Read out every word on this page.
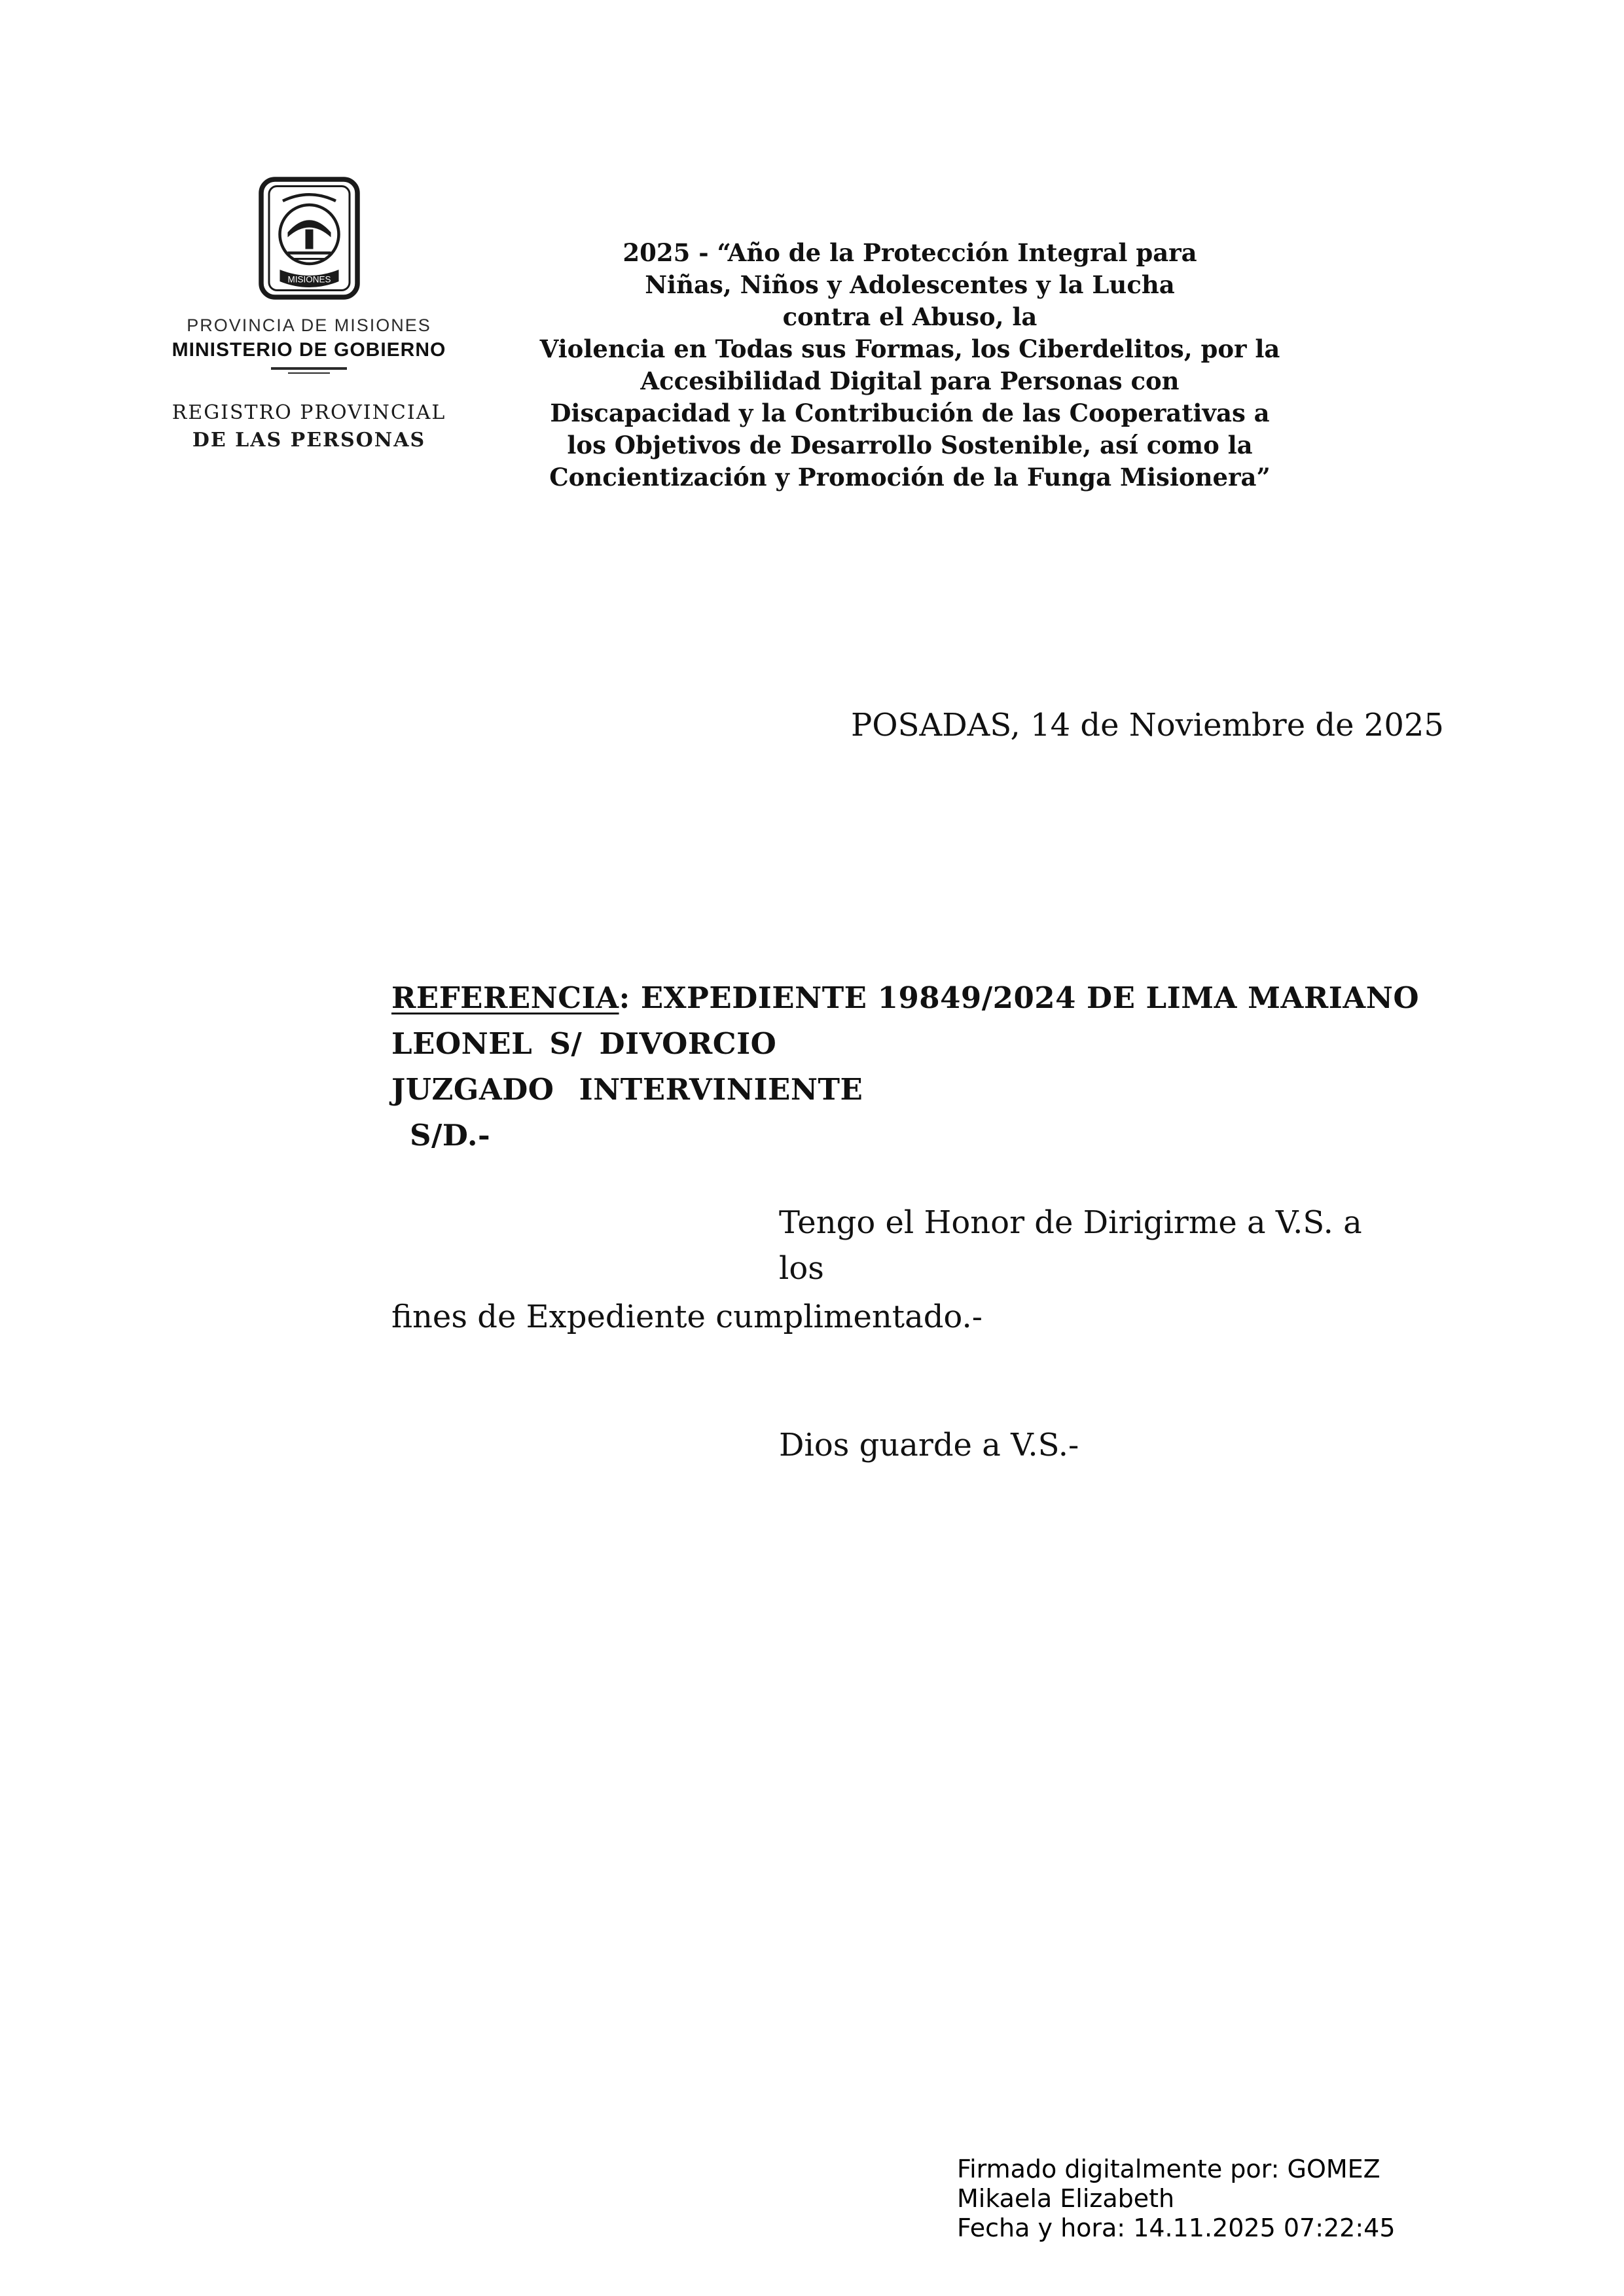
MISIONES
PROVINCIA DE MISIONES
MINISTERIO DE GOBIERNO
REGISTRO PROVINCIAL
DE LAS PERSONAS
2025 - “Año de la Protección Integral para
Niñas, Niños y Adolescentes y la Lucha
contra el Abuso, la
Violencia en Todas sus Formas, los Ciberdelitos, por la
Accesibilidad Digital para Personas con
Discapacidad y la Contribución de las Cooperativas a
los Objetivos de Desarrollo Sostenible, así como la
Concientización y Promoción de la Funga Misionera”
POSADAS, 14 de Noviembre de 2025
REFERENCIA: EXPEDIENTE 19849/2024 DE LIMA MARIANO
LEONEL S/ DIVORCIO
JUZGADO INTERVINIENTE
S/D.-
Tengo el Honor de Dirigirme a V.S. a
los
fines de Expediente cumplimentado.-
Dios guarde a V.S.-
Firmado digitalmente por: GOMEZ
Mikaela Elizabeth
Fecha y hora: 14.11.2025 07:22:45
